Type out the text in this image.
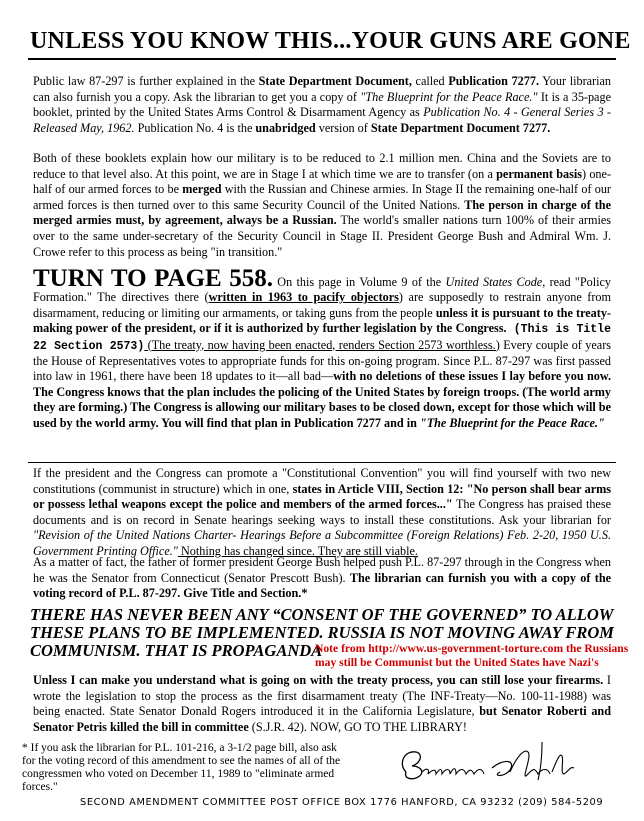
UNLESS YOU KNOW THIS...YOUR GUNS ARE GONE
Public law 87-297 is further explained in the State Department Document, called Publication 7277. Your librarian can also furnish you a copy. Ask the librarian to get you a copy of "The Blueprint for the Peace Race." It is a 35-page booklet, printed by the United States Arms Control & Disarmament Agency as Publication No. 4 - General Series 3 - Released May, 1962. Publication No. 4 is the unabridged version of State Department Document 7277.
Both of these booklets explain how our military is to be reduced to 2.1 million men. China and the Soviets are to reduce to that level also. At this point, we are in Stage I at which time we are to transfer (on a permanent basis) one-half of our armed forces to be merged with the Russian and Chinese armies. In Stage II the remaining one-half of our armed forces is then turned over to this same Security Council of the United Nations. The person in charge of the merged armies must, by agreement, always be a Russian. The world's smaller nations turn 100% of their armies over to the same under-secretary of the Security Council in Stage II. President George Bush and Admiral Wm. J. Crowe refer to this process as being "in transition."
TURN TO PAGE 558. On this page in Volume 9 of the United States Code, read "Policy Formation." The directives there (written in 1963 to pacify objectors) are supposedly to restrain anyone from disarmament, reducing or limiting our armaments, or taking guns from the people unless it is pursuant to the treaty-making power of the president, or if it is authorized by further legislation by the Congress. (This is Title 22 Section 2573) (The treaty, now having been enacted, renders Section 2573 worthless.) Every couple of years the House of Representatives votes to appropriate funds for this on-going program. Since P.L. 87-297 was first passed into law in 1961, there have been 18 updates to it—all bad—with no deletions of these issues I lay before you now. The Congress knows that the plan includes the policing of the United States by foreign troops. (The world army they are forming.) The Congress is allowing our military bases to be closed down, except for those which will be used by the world army. You will find that plan in Publication 7277 and in "The Blueprint for the Peace Race."
If the president and the Congress can promote a "Constitutional Convention" you will find yourself with two new constitutions (communist in structure) which in one, states in Article VIII, Section 12: "No person shall bear arms or possess lethal weapons except the police and members of the armed forces..." The Congress has praised these documents and is on record in Senate hearings seeking ways to install these constitutions. Ask your librarian for "Revision of the United Nations Charter- Hearings Before a Subcommittee (Foreign Relations) Feb. 2-20, 1950 U.S. Government Printing Office." Nothing has changed since. They are still viable.
As a matter of fact, the father of former president George Bush helped push P.L. 87-297 through in the Congress when he was the Senator from Connecticut (Senator Prescott Bush). The librarian can furnish you with a copy of the voting record of P.L. 87-297. Give Title and Section.*
THERE HAS NEVER BEEN ANY “CONSENT OF THE GOVERNED” TO ALLOW THESE PLANS TO BE IMPLEMENTED. RUSSIA IS NOT MOVING AWAY FROM COMMUNISM. THAT IS PROPAGANDA
Note from http://www.us-government-torture.com the Russians
may still be Communist but the United States have Nazi's
Unless I can make you understand what is going on with the treaty process, you can still lose your firearms. I wrote the legislation to stop the process as the first disarmament treaty (The INF-Treaty—No. 100-11-1988) was being enacted. State Senator Donald Rogers introduced it in the California Legislature, but Senator Roberti and Senator Petris killed the bill in committee (S.J.R. 42). NOW, GO TO THE LIBRARY!
* If you ask the librarian for P.L. 101-216, a 3-1/2 page bill, also ask for the voting record of this amendment to see the names of all of the congressmen who voted on December 11, 1989 to "eliminate armed forces."
SECOND AMENDMENT COMMITTEE POST OFFICE BOX 1776 HANFORD, CA 93232 (209) 584-5209
